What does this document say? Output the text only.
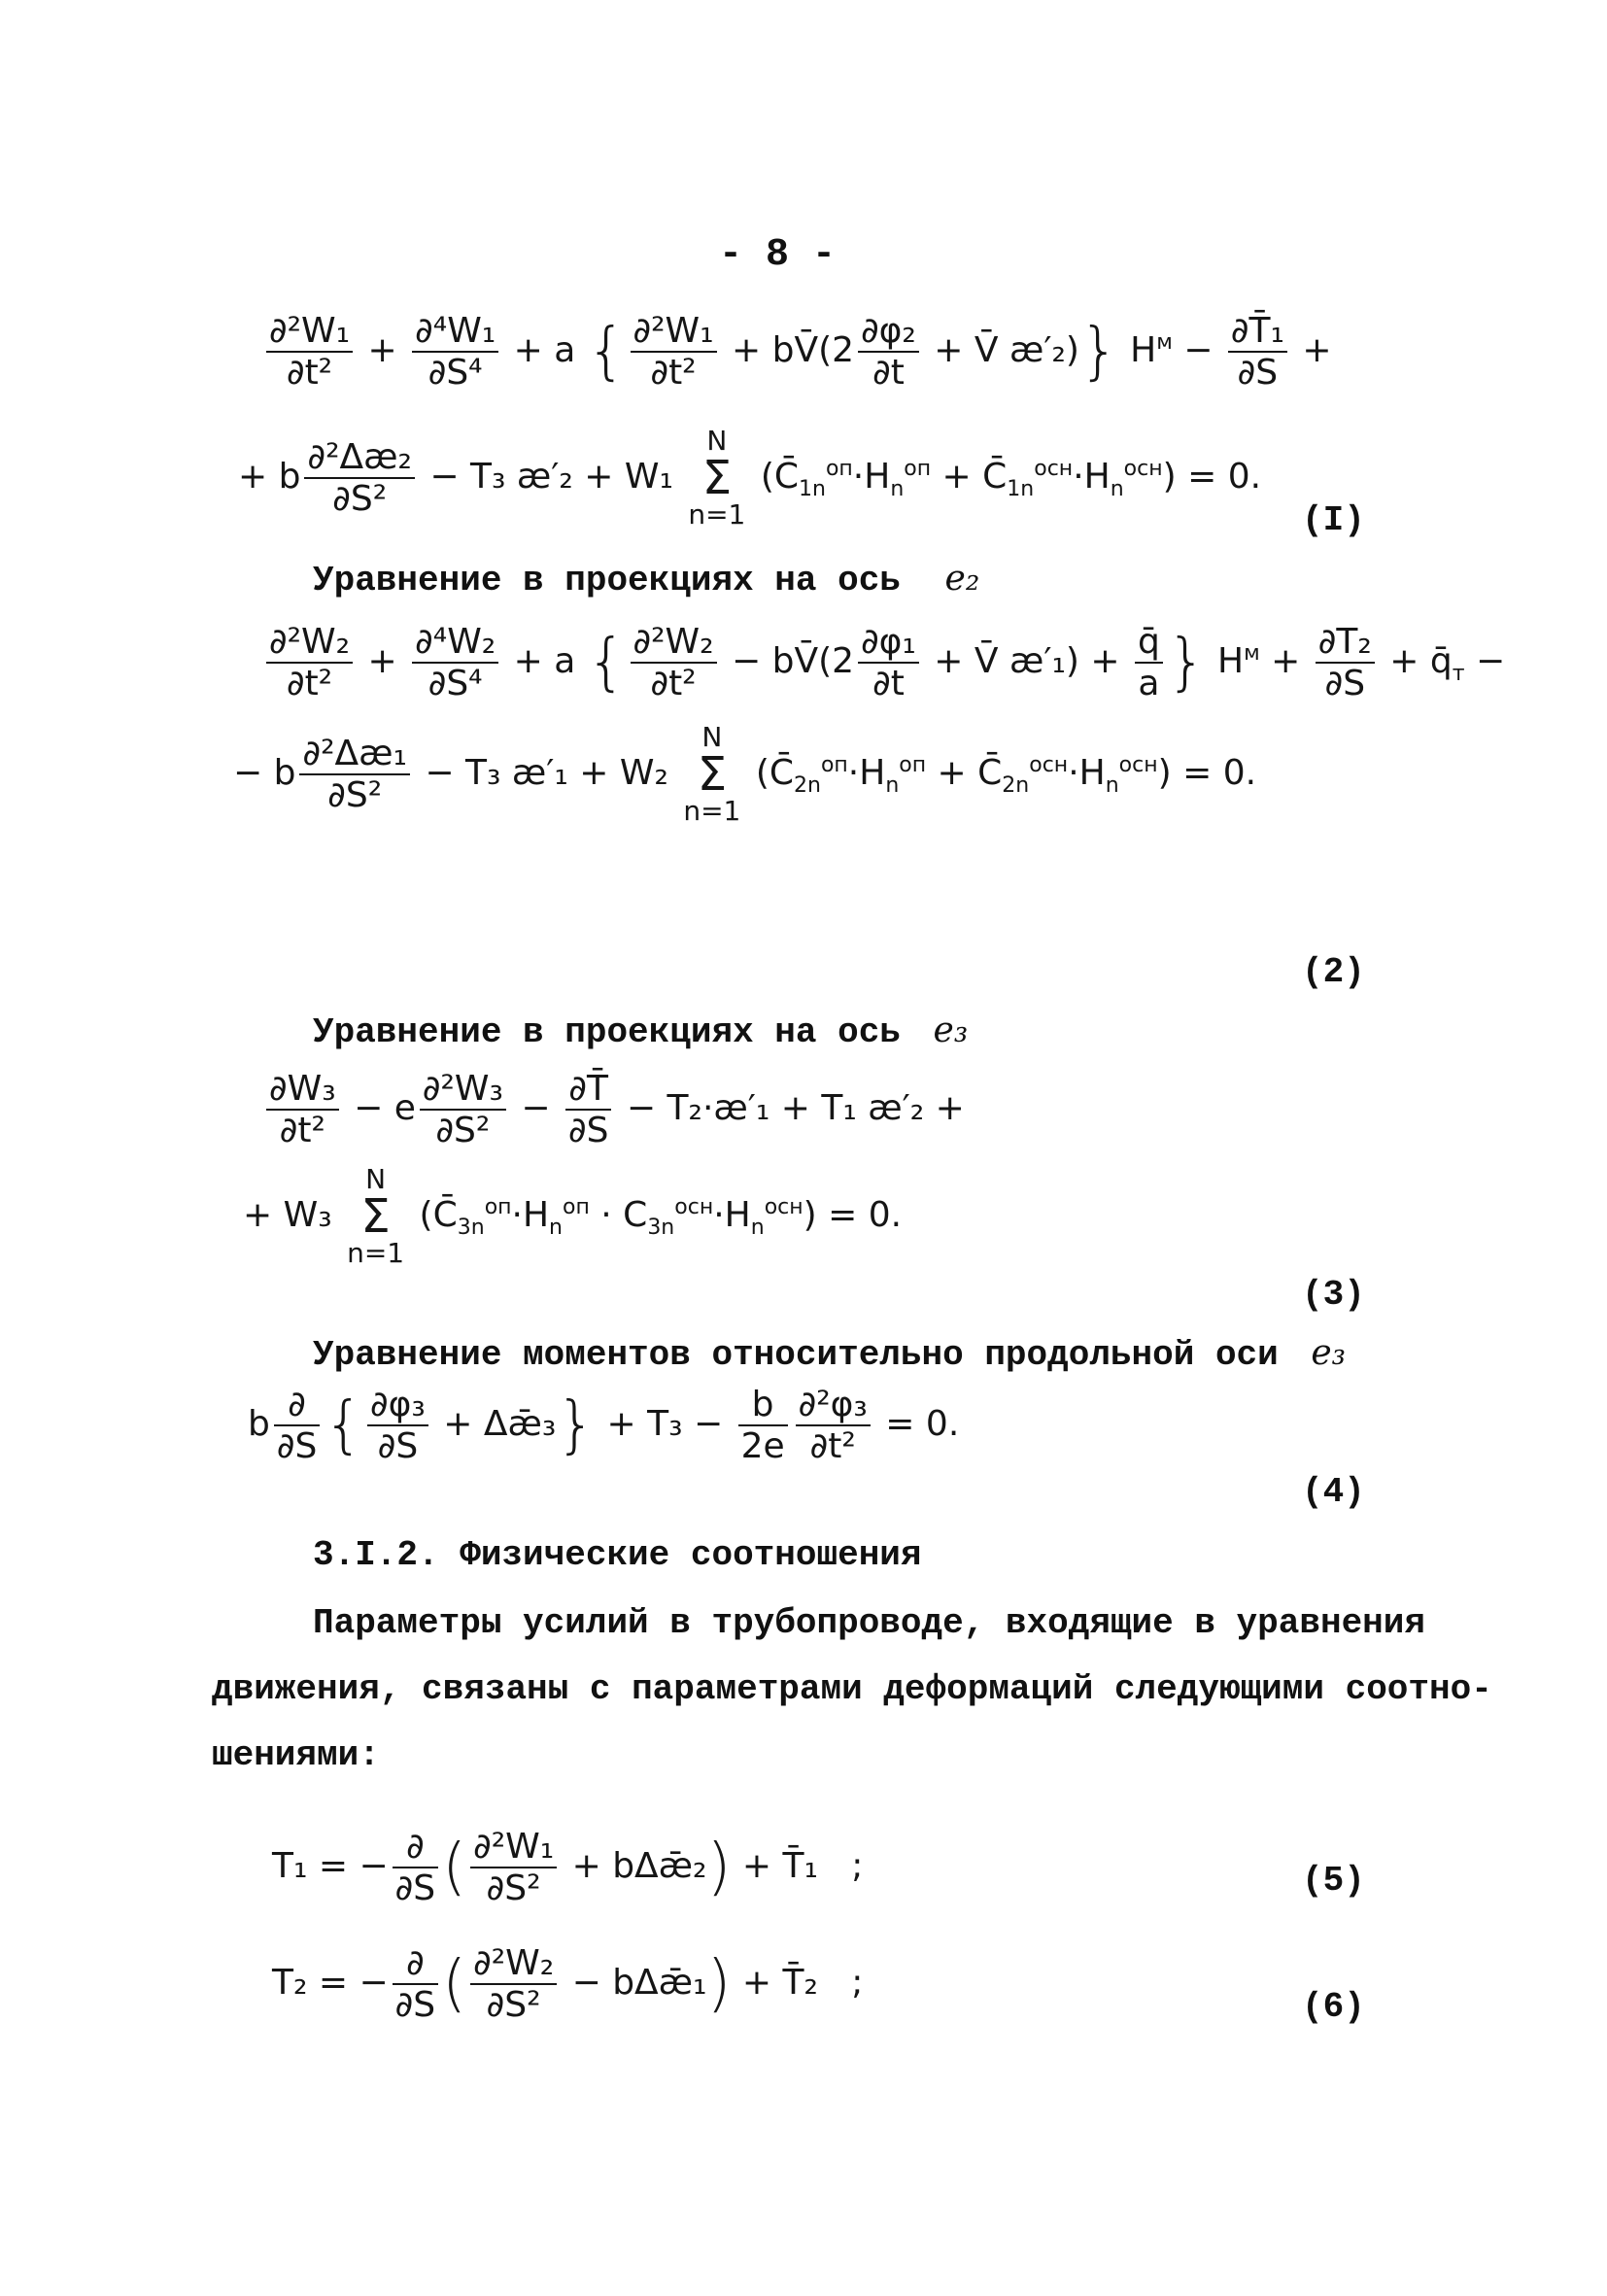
- 8 -
$\frac{\text{∂²W₁}}{\text{∂t²}} + \frac{\text{∂⁴W₁}}{\text{∂S⁴}} + a$ { $\frac{\text{∂²W₁}}{\text{∂t²}}$ + bV̄(2 $\frac{\text{∂φ₂}}{\partial t}$ + V̄ æ′₂)} $H^м - \frac{\text{∂T̄₁}}{\partial S}$ +
+ b $\frac{\text{∂²Δæ₂}}{\text{∂S²}} - T_3$ æ′₂ + W₁ N
Σ
n=1 ($C̄_{1n}^{оп}\cdot H_n^{оп}$ + $C̄_{1n}^{осн}\cdot H_n^{осн}) = 0$.
(I)
Уравнение в проекциях на ось e₂
$\frac{\text{∂²W₂}}{\text{∂t²}} + \frac{\text{∂⁴W₂}}{\text{∂S⁴}} + a$ { $\frac{\text{∂²W₂}}{\text{∂t²}}$ − bV̄(2 $\frac{\text{∂φ₁}}{\partial t}$ + V̄ æ′₁) + $\frac{q̄}{a}$ } $H^м + \frac{\text{∂T₂}}{\partial S}$ + $q̄_т$ −
− b $\frac{\text{∂²Δæ₁}}{\text{∂S²}} - T_3$ æ′₁ + W₂ N
Σ
n=1 ($C̄_{2n}^{оп}\cdot H_n^{оп}$ + $C̄_{2n}^{осн}\cdot H_n^{осн}) = 0$.
(2)
Уравнение в проекциях на ось e₃
$\frac{\text{∂W₃}}{\text{∂t²}} - e \frac{\text{∂²W₃}}{\text{∂S²}} - \frac{\partial T̄}{\partial S}$ − T₂·æ′₁ + T₁ æ′₂ +
+ W₃ N
Σ
n=1 $(C̄_{3n}^{оп}\cdot H_n^{оп} \cdot C_{3n}^{осн}\cdot H_n^{осн}) = 0$.
(3)
Уравнение моментов относительно продольной оси e₃
b $\frac{\partial}{\partial S}$ { $\frac{\text{∂φ₃}}{\partial S}$ + Δǣ₃} + $T_3 - \frac{b}{2e} \frac{\text{∂²φ₃}}{\text{∂t²}} = 0$.
(4)
3.I.2. Физические соотношения
Параметры усилий в трубопроводе, входящие в уравнения
движения, связаны с параметрами деформаций следующими соотно-
шениями:
T₁ = − $\frac{\partial}{\partial S}$ ( $\frac{\text{∂²W₁}}{\text{∂S²}}$ + bΔǣ₂) + T̄₁   ;	(5)
T₂ = − $\frac{\partial}{\partial S}$ ( $\frac{\text{∂²W₂}}{\text{∂S²}}$ − bΔǣ₁) + T̄₂   ;
(6)
